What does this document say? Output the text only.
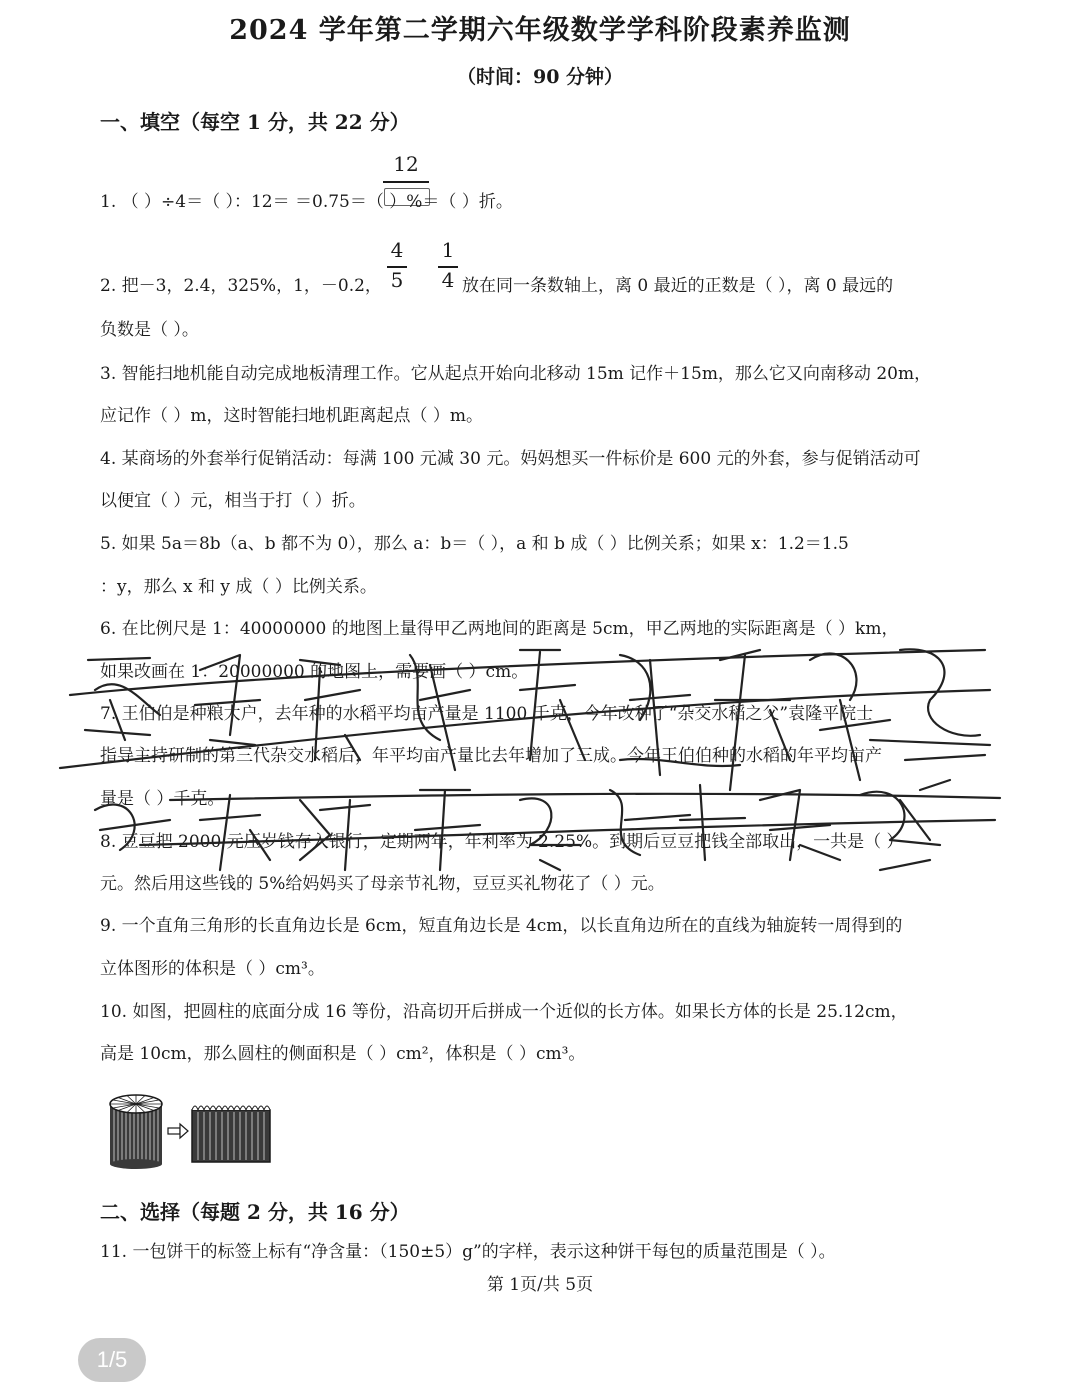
2024 学年第二学期六年级数学学科阶段素养监测
（时间：90 分钟）
一、填空（每空 1 分，共 22 分）
12
1. （ ）÷4＝（ ）：12＝ ＝0.75＝（ ）%＝（ ）折。
4
5
1
4
2. 把－3，2.4，325%，1，－0.2，	放在同一条数轴上，离 0 最近的正数是（ ），离 0 最远的
负数是（ ）。
3. 智能扫地机能自动完成地板清理工作。它从起点开始向北移动 15m 记作＋15m，那么它又向南移动 20m，
应记作（ ）m，这时智能扫地机距离起点（ ）m。
4. 某商场的外套举行促销活动：每满 100 元减 30 元。妈妈想买一件标价是 600 元的外套，参与促销活动可
以便宜（ ）元，相当于打（ ）折。
5. 如果 5a＝8b（a、b 都不为 0），那么 a：b＝（ ），a 和 b 成（ ）比例关系；如果 x：1.2＝1.5
：y，那么 x 和 y 成（ ）比例关系。
6. 在比例尺是 1：40000000 的地图上量得甲乙两地间的距离是 5cm，甲乙两地的实际距离是（ ）km，
如果改画在 1：20000000 的地图上，需要画（ ）cm。
7. 王伯伯是种粮大户，去年种的水稻平均亩产量是 1100 千克，今年改种了“杂交水稻之父”袁隆平院士
指导主持研制的第三代杂交水稻后，年平均亩产量比去年增加了三成。今年王伯伯种的水稻的年平均亩产
量是（ ）千克。
8. 豆豆把 2000 元压岁钱存入银行，定期两年，年利率为 2.25%。到期后豆豆把钱全部取出，一共是（ ）
元。然后用这些钱的 5%给妈妈买了母亲节礼物，豆豆买礼物花了（ ）元。
9. 一个直角三角形的长直角边长是 6cm，短直角边长是 4cm，以长直角边所在的直线为轴旋转一周得到的
立体图形的体积是（ ）cm³。
10. 如图，把圆柱的底面分成 16 等份，沿高切开后拼成一个近似的长方体。如果长方体的长是 25.12cm，
高是 10cm，那么圆柱的侧面积是（ ）cm²，体积是（ ）cm³。
二、选择（每题 2 分，共 16 分）
11. 一包饼干的标签上标有“净含量：（150±5）g”的字样，表示这种饼干每包的质量范围是（ ）。
第 1页/共 5页
1/5
